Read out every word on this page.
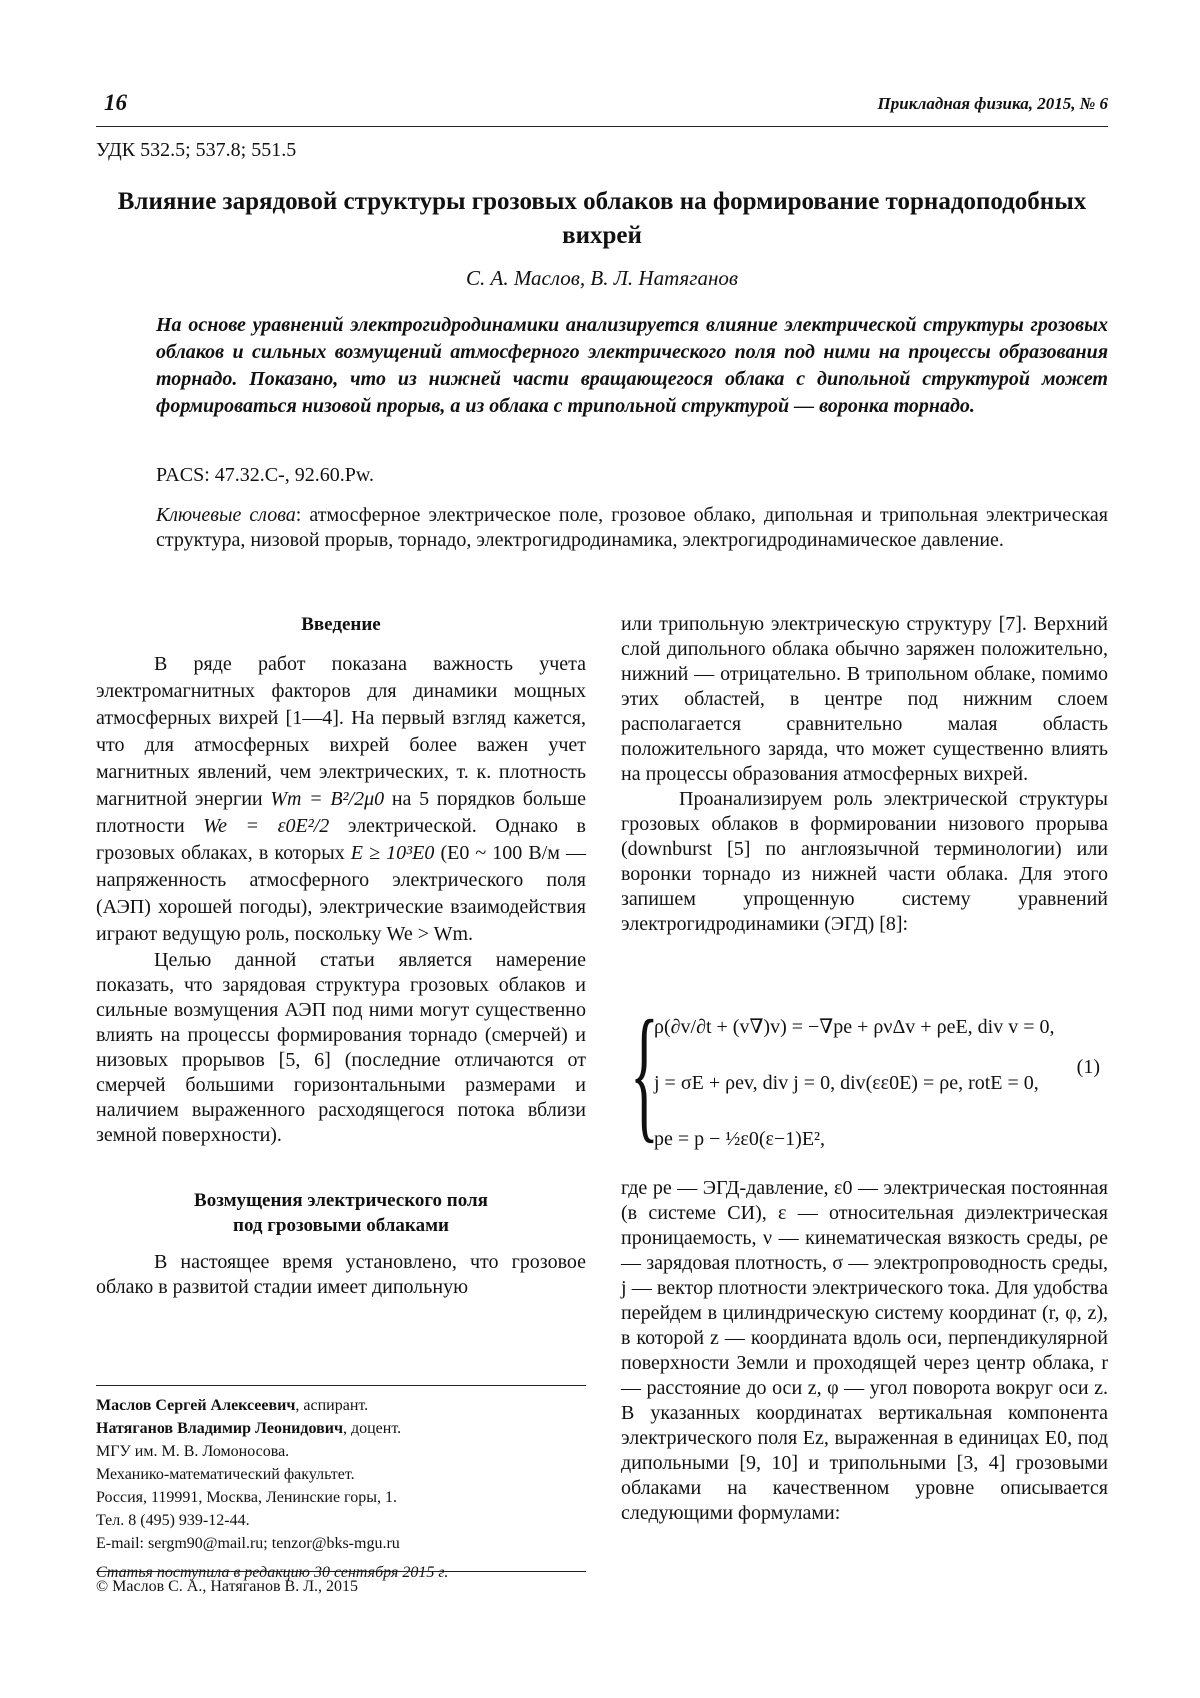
16	Прикладная физика, 2015, № 6
УДК 532.5; 537.8; 551.5
Влияние зарядовой структуры грозовых облаков на формирование торнадоподобных вихрей
С. А. Маслов, В. Л. Натяганов
На основе уравнений электрогидродинамики анализируется влияние электрической структуры грозовых облаков и сильных возмущений атмосферного электрического поля под ними на процессы образования торнадо. Показано, что из нижней части вращающегося облака с дипольной структурой может формироваться низовой прорыв, а из облака с трипольной структурой — воронка торнадо.
PACS: 47.32.С-, 92.60.Pw.
Ключевые слова: атмосферное электрическое поле, грозовое облако, дипольная и трипольная электрическая структура, низовой прорыв, торнадо, электрогидродинамика, электрогидродинамическое давление.

Введение

В ряде работ показана важность учета электромагнитных факторов для динамики мощных атмосферных вихрей [1—4]. На первый взгляд кажется, что для атмосферных вихрей более важен учет магнитных явлений, чем электрических, т. к. плотность магнитной энергии Wm = B²/2μ0 на 5 порядков больше плотности We = ε0E²/2 электрической. Однако в грозовых облаках, в которых E ≥ 10³E0 (E0 ~ 100 В/м — напряженность атмосферного электрического поля (АЭП) хорошей погоды), электрические взаимодействия играют ведущую роль, поскольку We > Wm.

Целью данной статьи является намерение показать, что зарядовая структура грозовых облаков и сильные возмущения АЭП под ними могут существенно влиять на процессы формирования торнадо (смерчей) и низовых прорывов [5, 6] (последние отличаются от смерчей большими горизонтальными размерами и наличием выраженного расходящегося потока вблизи земной поверхности).

Возмущения электрического поля

под грозовыми облаками

В настоящее время установлено, что грозовое облако в развитой стадии имеет дипольную

Маслов Сергей Алексеевич, аспирант.
Натяганов Владимир Леонидович, доцент.
МГУ им. М. В. Ломоносова.
Механико-математический факультет.
Россия, 119991, Москва, Ленинские горы, 1.
Тел. 8 (495) 939-12-44.
E-mail: sergm90@mail.ru; tenzor@bks-mgu.ru
Статья поступила в редакцию 30 сентября 2015 г.
© Маслов С. А., Натяганов В. Л., 2015

или трипольную электрическую структуру [7]. Верхний слой дипольного облака обычно заряжен положительно, нижний — отрицательно. В трипольном облаке, помимо этих областей, в центре под нижним слоем располагается сравнительно малая область положительного заряда, что может существенно влиять на процессы образования атмосферных вихрей.

Проанализируем роль электрической структуры грозовых облаков в формировании низового прорыва (downburst [5] по англоязычной терминологии) или воронки торнадо из нижней части облака. Для этого запишем упрощенную систему уравнений электрогидродинамики (ЭГД) [8]:

{
ρ(∂v/∂t + (v∇)v) = −∇pe + ρνΔv + ρeE, div v = 0,
j = σE + ρev, div j = 0, div(εε0E) = ρe, rotE = 0,
pe = p − ½ε0(ε−1)E²,
(1)

где pe — ЭГД-давление, ε0 — электрическая постоянная (в системе СИ), ε — относительная диэлектрическая проницаемость, ν — кинематическая вязкость среды, ρe — зарядовая плотность, σ — электропроводность среды, j — вектор плотности электрического тока. Для удобства перейдем в цилиндрическую систему координат (r, φ, z), в которой z — координата вдоль оси, перпендикулярной поверхности Земли и проходящей через центр облака, r — расстояние до оси z, φ — угол поворота вокруг оси z. В указанных координатах вертикальная компонента электрического поля Ez, выраженная в единицах E0, под дипольными [9, 10] и трипольными [3, 4] грозовыми облаками на качественном уровне описывается следующими формулами:
